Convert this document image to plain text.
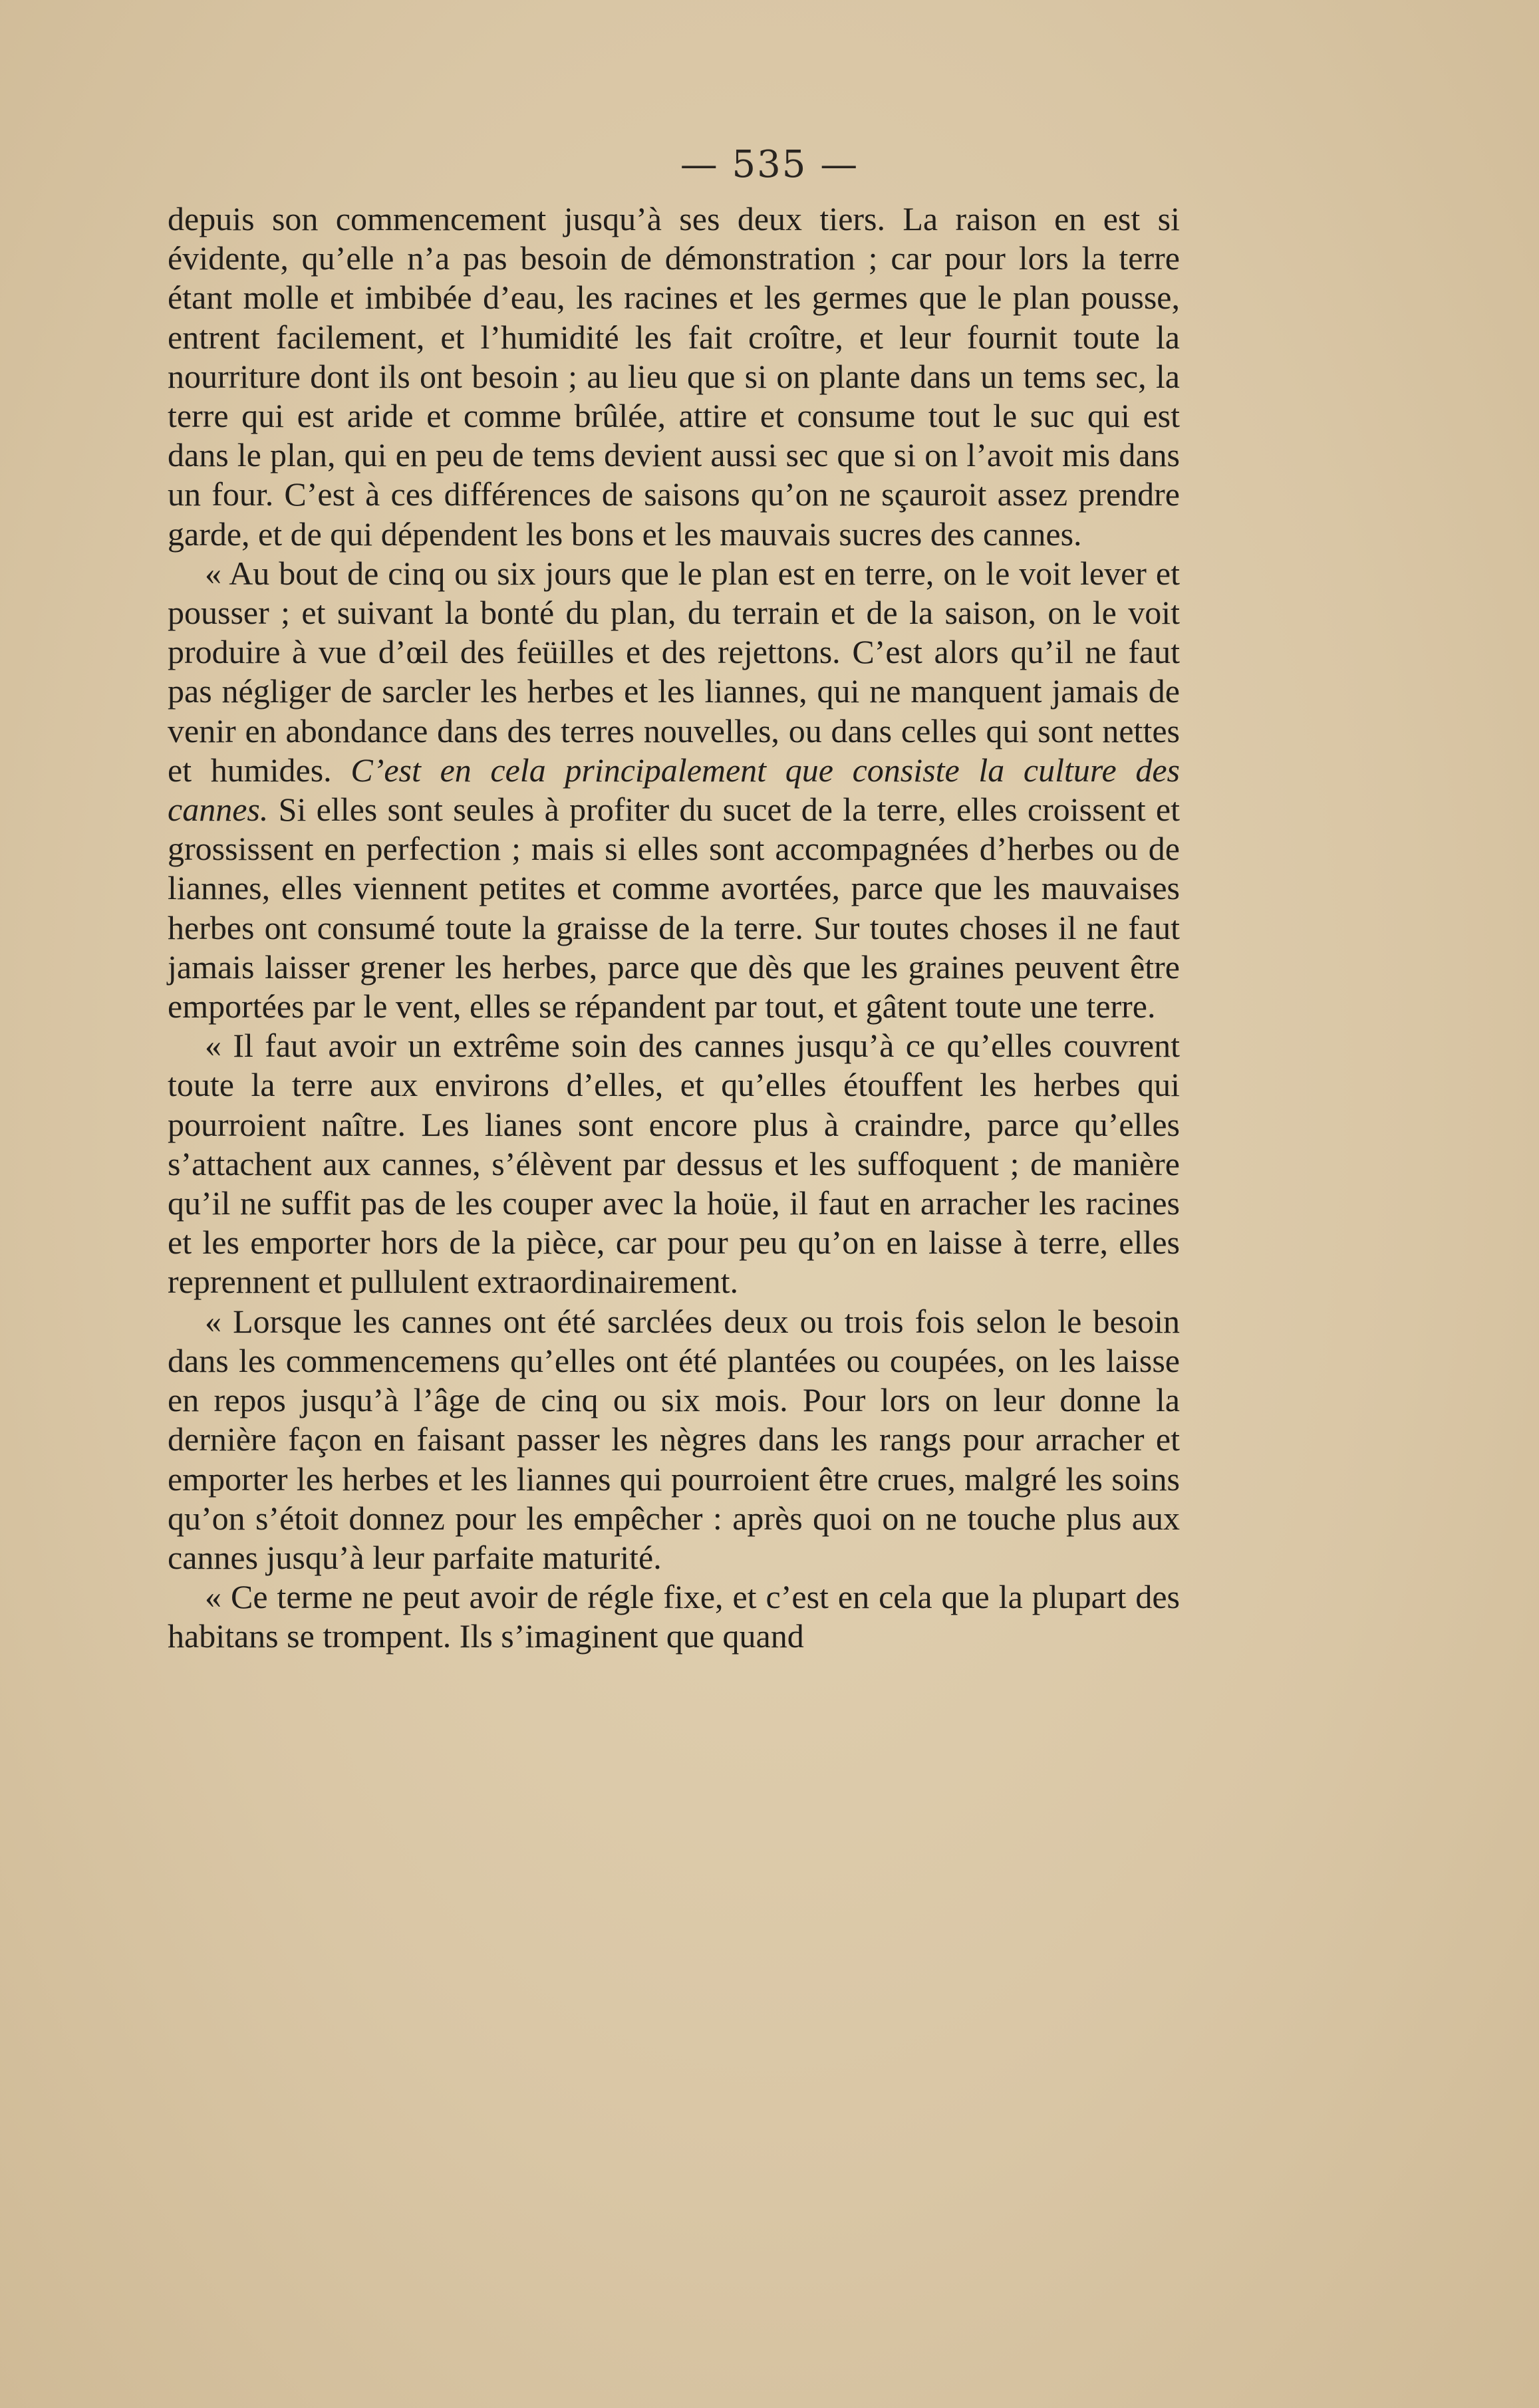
— 535 —

depuis son commencement jusqu’à ses deux tiers. La raison en est si évidente, qu’elle n’a pas besoin de démonstration ; car pour lors la terre étant molle et imbibée d’eau, les racines et les germes que le plan pousse, entrent facilement, et l’humidité les fait croître, et leur fournit toute la nourriture dont ils ont besoin ; au lieu que si on plante dans un tems sec, la terre qui est aride et comme brûlée, attire et consume tout le suc qui est dans le plan, qui en peu de tems devient aussi sec que si on l’avoit mis dans un four. C’est à ces différences de saisons qu’on ne sçauroit assez prendre garde, et de qui dépendent les bons et les mauvais sucres des cannes.

« Au bout de cinq ou six jours que le plan est en terre, on le voit lever et pousser ; et suivant la bonté du plan, du terrain et de la saison, on le voit produire à vue d’œil des feüilles et des rejettons. C’est alors qu’il ne faut pas négliger de sarcler les herbes et les liannes, qui ne manquent jamais de venir en abondance dans des terres nouvelles, ou dans celles qui sont nettes et humides. C’est en cela principalement que consiste la culture des cannes. Si elles sont seules à profiter du sucet de la terre, elles croissent et grossissent en perfection ; mais si elles sont accompagnées d’herbes ou de liannes, elles viennent petites et comme avortées, parce que les mauvaises herbes ont consumé toute la graisse de la terre. Sur toutes choses il ne faut jamais laisser grener les herbes, parce que dès que les graines peuvent être emportées par le vent, elles se répandent par tout, et gâtent toute une terre.

« Il faut avoir un extrême soin des cannes jusqu’à ce qu’elles couvrent toute la terre aux environs d’elles, et qu’elles étouffent les herbes qui pourroient naître. Les lianes sont encore plus à craindre, parce qu’elles s’attachent aux cannes, s’élèvent par dessus et les suffoquent ; de manière qu’il ne suffit pas de les couper avec la hoüe, il faut en arracher les racines et les emporter hors de la pièce, car pour peu qu’on en laisse à terre, elles reprennent et pullulent extraordinairement.

« Lorsque les cannes ont été sarclées deux ou trois fois selon le besoin dans les commencemens qu’elles ont été plantées ou coupées, on les laisse en repos jusqu’à l’âge de cinq ou six mois. Pour lors on leur donne la dernière façon en faisant passer les nègres dans les rangs pour arracher et emporter les herbes et les liannes qui pourroient être crues, malgré les soins qu’on s’étoit donnez pour les empêcher : après quoi on ne touche plus aux cannes jusqu’à leur parfaite maturité.

« Ce terme ne peut avoir de régle fixe, et c’est en cela que la plupart des habitans se trompent. Ils s’imaginent que quand
